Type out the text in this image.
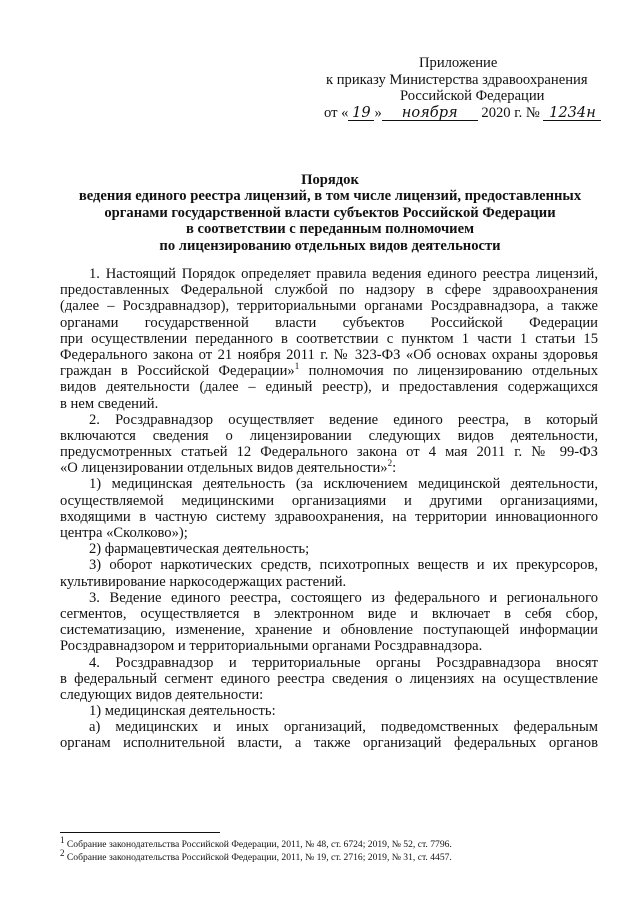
Приложение
к приказу Министерства здравоохранения
Российской Федерации
от « 19 » ноября 2020 г. № 1234н
Порядок
ведения единого реестра лицензий, в том числе лицензий, предоставленных
органами государственной власти субъектов Российской Федерации
в соответствии с переданным полномочием
по лицензированию отдельных видов деятельности
1. Настоящий Порядок определяет правила ведения единого реестра лицензий,
предоставленных Федеральной службой по надзору в сфере здравоохранения
(далее – Росздравнадзор), территориальными органами Росздравнадзора, а также
органами государственной власти субъектов Российской Федерации
при осуществлении переданного в соответствии с пунктом 1 части 1 статьи 15
Федерального закона от 21 ноября 2011 г. № 323-ФЗ «Об основах охраны здоровья
граждан в Российской Федерации»$^1$ полномочия по лицензированию отдельных
видов деятельности (далее – единый реестр), и предоставления содержащихся
в нем сведений.
2. Росздравнадзор осуществляет ведение единого реестра, в который
включаются сведения о лицензировании следующих видов деятельности,
предусмотренных статьей 12 Федерального закона от 4 мая 2011 г. № 99-ФЗ
«О лицензировании отдельных видов деятельности»$^2$:
1) медицинская деятельность (за исключением медицинской деятельности,
осуществляемой медицинскими организациями и другими организациями,
входящими в частную систему здравоохранения, на территории инновационного
центра «Сколково»);
2) фармацевтическая деятельность;
3) оборот наркотических средств, психотропных веществ и их прекурсоров,
культивирование наркосодержащих растений.
3. Ведение единого реестра, состоящего из федерального и регионального
сегментов, осуществляется в электронном виде и включает в себя сбор,
систематизацию, изменение, хранение и обновление поступающей информации
Росздравнадзором и территориальными органами Росздравнадзора.
4. Росздравнадзор и территориальные органы Росздравнадзора вносят
в федеральный сегмент единого реестра сведения о лицензиях на осуществление
следующих видов деятельности:
1) медицинская деятельность:
а) медицинских и иных организаций, подведомственных федеральным
органам исполнительной власти, а также организаций федеральных органов
$^1$ Собрание законодательства Российской Федерации, 2011, № 48, ст. 6724; 2019, № 52, ст. 7796.
$^2$ Собрание законодательства Российской Федерации, 2011, № 19, ст. 2716; 2019, № 31, ст. 4457.
